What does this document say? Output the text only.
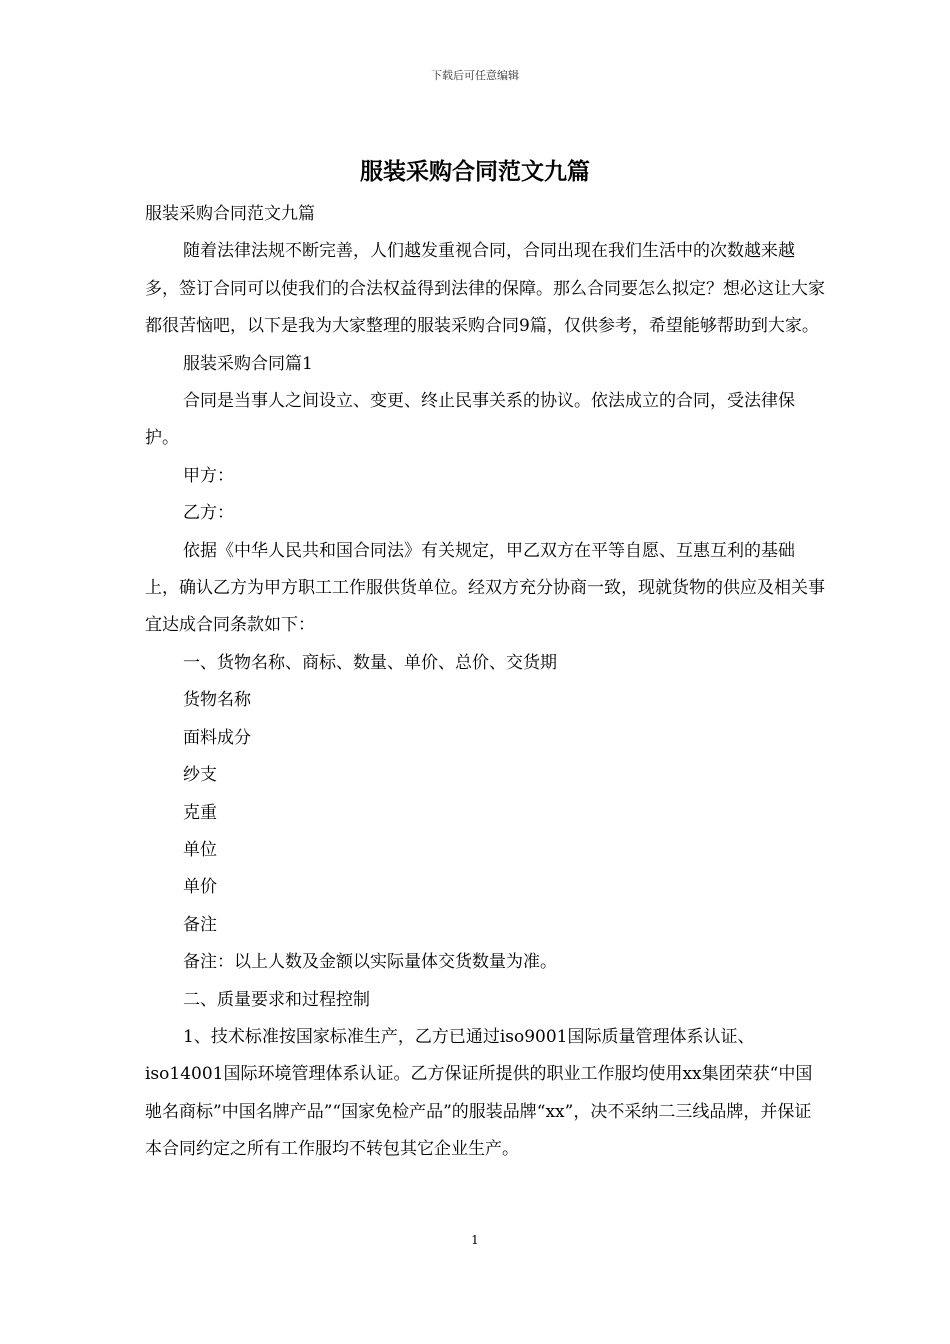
下载后可任意编辑
服装采购合同范文九篇

服装采购合同范文九篇

随着法律法规不断完善，人们越发重视合同，合同出现在我们生活中的次数越来越多，签订合同可以使我们的合法权益得到法律的保障。那么合同要怎么拟定？想必这让大家都很苦恼吧，以下是我为大家整理的服装采购合同9篇，仅供参考，希望能够帮助到大家。

服装采购合同篇1

合同是当事人之间设立、变更、终止民事关系的协议。依法成立的合同，受法律保护。

甲方：

乙方：

依据《中华人民共和国合同法》有关规定，甲乙双方在平等自愿、互惠互利的基础上，确认乙方为甲方职工工作服供货单位。经双方充分协商一致，现就货物的供应及相关事宜达成合同条款如下：

一、货物名称、商标、数量、单价、总价、交货期

货物名称

面料成分

纱支

克重

单位

单价

备注

备注：以上人数及金额以实际量体交货数量为准。

二、质量要求和过程控制

1、技术标准按国家标准生产，乙方已通过iso9001国际质量管理体系认证、iso14001国际环境管理体系认证。乙方保证所提供的职业工作服均使用xx集团荣获“中国驰名商标”中国名牌产品”“国家免检产品”的服装品牌“xx”，决不采纳二三线品牌，并保证本合同约定之所有工作服均不转包其它企业生产。

1
